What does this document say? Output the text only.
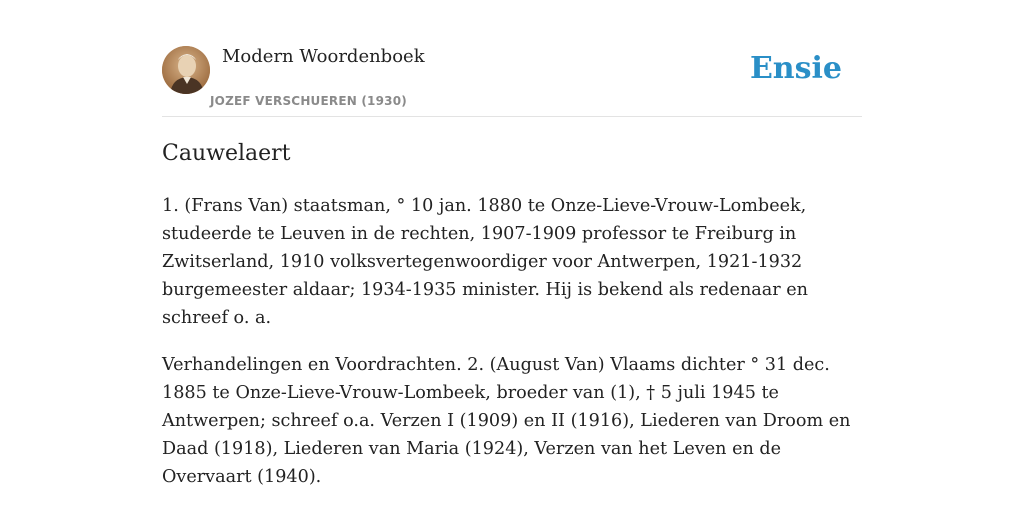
Modern Woordenboek
JOZEF VERSCHUEREN (1930)
Ensie
Cauwelaert

1. (Frans Van) staatsman, ° 10 jan. 1880 te Onze-Lieve-Vrouw-Lombeek, studeerde te Leuven in de rechten, 1907-1909 professor te Freiburg in Zwitserland, 1910 volksvertegenwoordiger voor Antwerpen, 1921-1932 burgemeester aldaar; 1934-1935 minister. Hij is bekend als redenaar en schreef o. a.

Verhandelingen en Voordrachten. 2. (August Van) Vlaams dichter ° 31 dec. 1885 te Onze-Lieve-Vrouw-Lombeek, broeder van (1), † 5 juli 1945 te Antwerpen; schreef o.a. Verzen I (1909) en II (1916), Liederen van Droom en Daad (1918), Liederen van Maria (1924), Verzen van het Leven en de Overvaart (1940).
